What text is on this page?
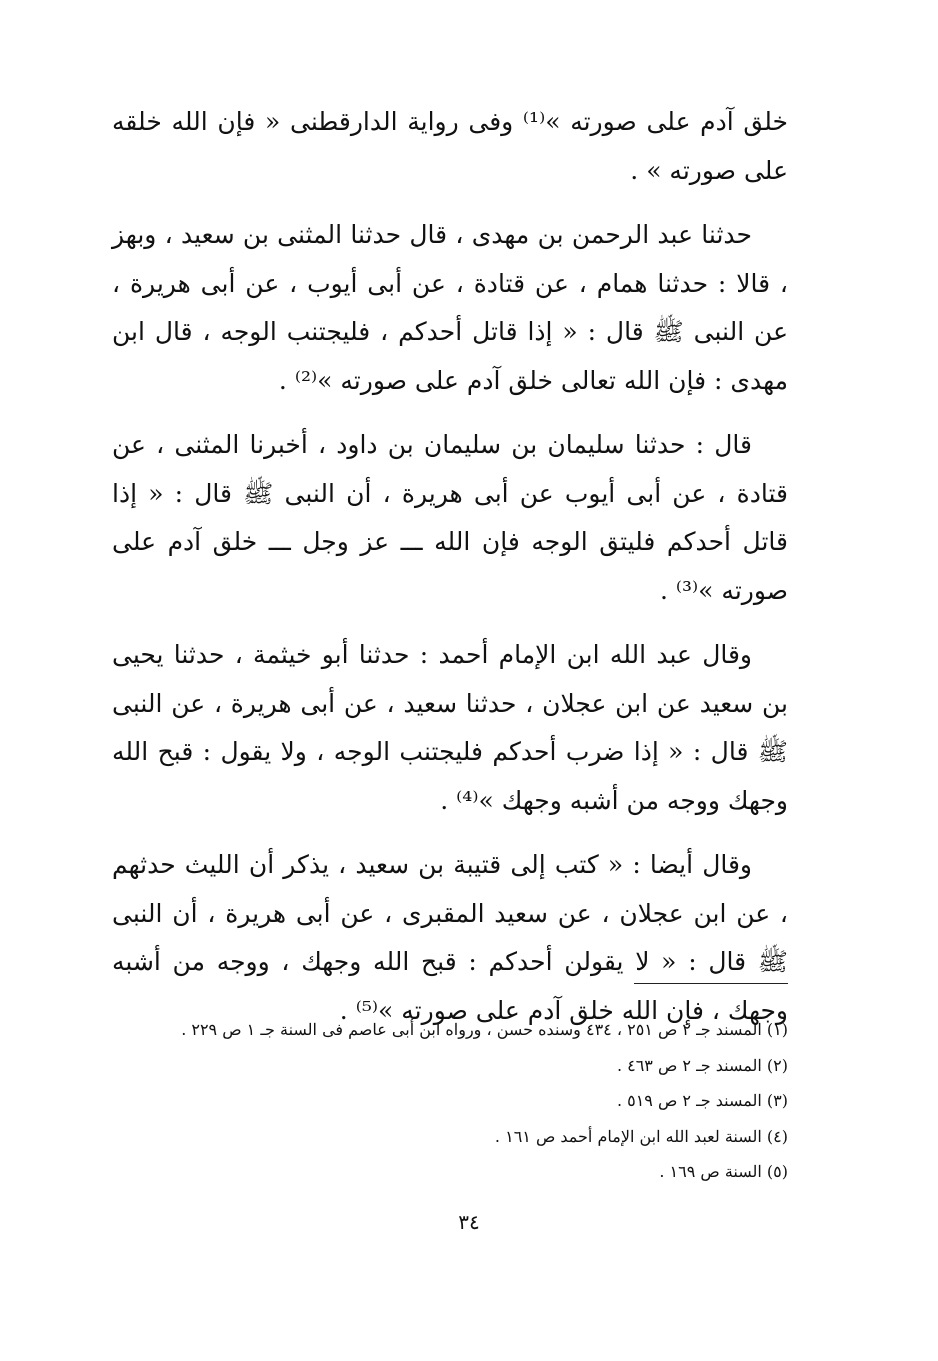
خلق آدم على صورته »⁽¹⁾ وفى رواية الدارقطنى « فإن الله خلقه على صورته » .

حدثنا عبد الرحمن بن مهدى ، قال حدثنا المثنى بن سعيد ، وبهز ، قالا : حدثنا همام ، عن قتادة ، عن أبى أيوب ، عن أبى هريرة ، عن النبى ﷺ قال : « إذا قاتل أحدكم ، فليجتنب الوجه ، قال ابن مهدى : فإن الله تعالى خلق آدم على صورته »⁽²⁾ .

قال : حدثنا سليمان بن سليمان بن داود ، أخبرنا المثنى ، عن قتادة ، عن أبى أيوب عن أبى هريرة ، أن النبى ﷺ قال : « إذا قاتل أحدكم فليتق الوجه فإن الله ـــ عز وجل ـــ خلق آدم على صورته »⁽³⁾ .

وقال عبد الله ابن الإمام أحمد : حدثنا أبو خيثمة ، حدثنا يحيى بن سعيد عن ابن عجلان ، حدثنا سعيد ، عن أبى هريرة ، عن النبى ﷺ قال : « إذا ضرب أحدكم فليجتنب الوجه ، ولا يقول : قبح الله وجهك ووجه من أشبه وجهك »⁽⁴⁾ .

وقال أيضا : « كتب إلى قتيبة بن سعيد ، يذكر أن الليث حدثهم ، عن ابن عجلان ، عن سعيد المقبرى ، عن أبى هريرة ، أن النبى ﷺ قال : « لا يقولن أحدكم : قبح الله وجهك ، ووجه من أشبه وجهك ، فإن الله خلق آدم على صورته »⁽⁵⁾ .

(١) المسند جـ ٢ ص ٢٥١ ، ٤٣٤ وسنده حسن ، ورواه ابن أبى عاصم فى السنة جـ ١ ص ٢٢٩ .

(٢) المسند جـ ٢ ص ٤٦٣ .

(٣) المسند جـ ٢ ص ٥١٩ .

(٤) السنة لعبد الله ابن الإمام أحمد ص ١٦١ .

(٥) السنة ص ١٦٩ .

٣٤
